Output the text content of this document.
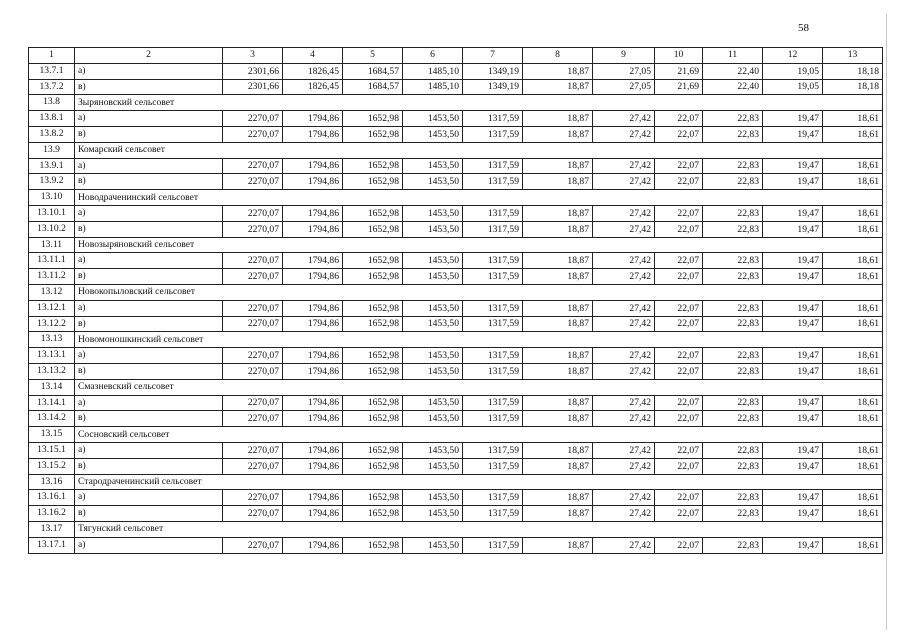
58
1	2	3	4	5	6	7	8	9	10	11	12	13
13.7.1	а)	2301,66	1826,45	1684,57	1485,10	1349,19	18,87	27,05	21,69	22,40	19,05	18,18
13.7.2	в)	2301,66	1826,45	1684,57	1485,10	1349,19	18,87	27,05	21,69	22,40	19,05	18,18
13.8	Зыряновский сельсовет											
13.8.1	а)	2270,07	1794,86	1652,98	1453,50	1317,59	18,87	27,42	22,07	22,83	19,47	18,61
13.8.2	в)	2270,07	1794,86	1652,98	1453,50	1317,59	18,87	27,42	22,07	22,83	19,47	18,61
13.9	Комарский сельсовет											
13.9.1	а)	2270,07	1794,86	1652,98	1453,50	1317,59	18,87	27,42	22,07	22,83	19,47	18,61
13.9.2	в)	2270,07	1794,86	1652,98	1453,50	1317,59	18,87	27,42	22,07	22,83	19,47	18,61
13.10	Новодраченинский сельсовет											
13.10.1	а)	2270,07	1794,86	1652,98	1453,50	1317,59	18,87	27,42	22,07	22,83	19,47	18,61
13.10.2	в)	2270,07	1794,86	1652,98	1453,50	1317,59	18,87	27,42	22,07	22,83	19,47	18,61
13.11	Новозыряновский сельсовет											
13.11.1	а)	2270,07	1794,86	1652,98	1453,50	1317,59	18,87	27,42	22,07	22,83	19,47	18,61
13.11.2	в)	2270,07	1794,86	1652,98	1453,50	1317,59	18,87	27,42	22,07	22,83	19,47	18,61
13.12	Новокопыловский сельсовет											
13.12.1	а)	2270,07	1794,86	1652,98	1453,50	1317,59	18,87	27,42	22,07	22,83	19,47	18,61
13.12.2	в)	2270,07	1794,86	1652,98	1453,50	1317,59	18,87	27,42	22,07	22,83	19,47	18,61
13.13	Новомоношкинский сельсовет											
13.13.1	а)	2270,07	1794,86	1652,98	1453,50	1317,59	18,87	27,42	22,07	22,83	19,47	18,61
13.13.2	в)	2270,07	1794,86	1652,98	1453,50	1317,59	18,87	27,42	22,07	22,83	19,47	18,61
13.14	Смазневский сельсовет											
13.14.1	а)	2270,07	1794,86	1652,98	1453,50	1317,59	18,87	27,42	22,07	22,83	19,47	18,61
13.14.2	в)	2270,07	1794,86	1652,98	1453,50	1317,59	18,87	27,42	22,07	22,83	19,47	18,61
13.15	Сосновский сельсовет											
13.15.1	а)	2270,07	1794,86	1652,98	1453,50	1317,59	18,87	27,42	22,07	22,83	19,47	18,61
13.15.2	в)	2270,07	1794,86	1652,98	1453,50	1317,59	18,87	27,42	22,07	22,83	19,47	18,61
13.16	Стародраченинский сельсовет											
13.16.1	а)	2270,07	1794,86	1652,98	1453,50	1317,59	18,87	27,42	22,07	22,83	19,47	18,61
13.16.2	в)	2270,07	1794,86	1652,98	1453,50	1317,59	18,87	27,42	22,07	22,83	19,47	18,61
13.17	Тягунский сельсовет											
13.17.1	а)	2270,07	1794,86	1652,98	1453,50	1317,59	18,87	27,42	22,07	22,83	19,47	18,61
